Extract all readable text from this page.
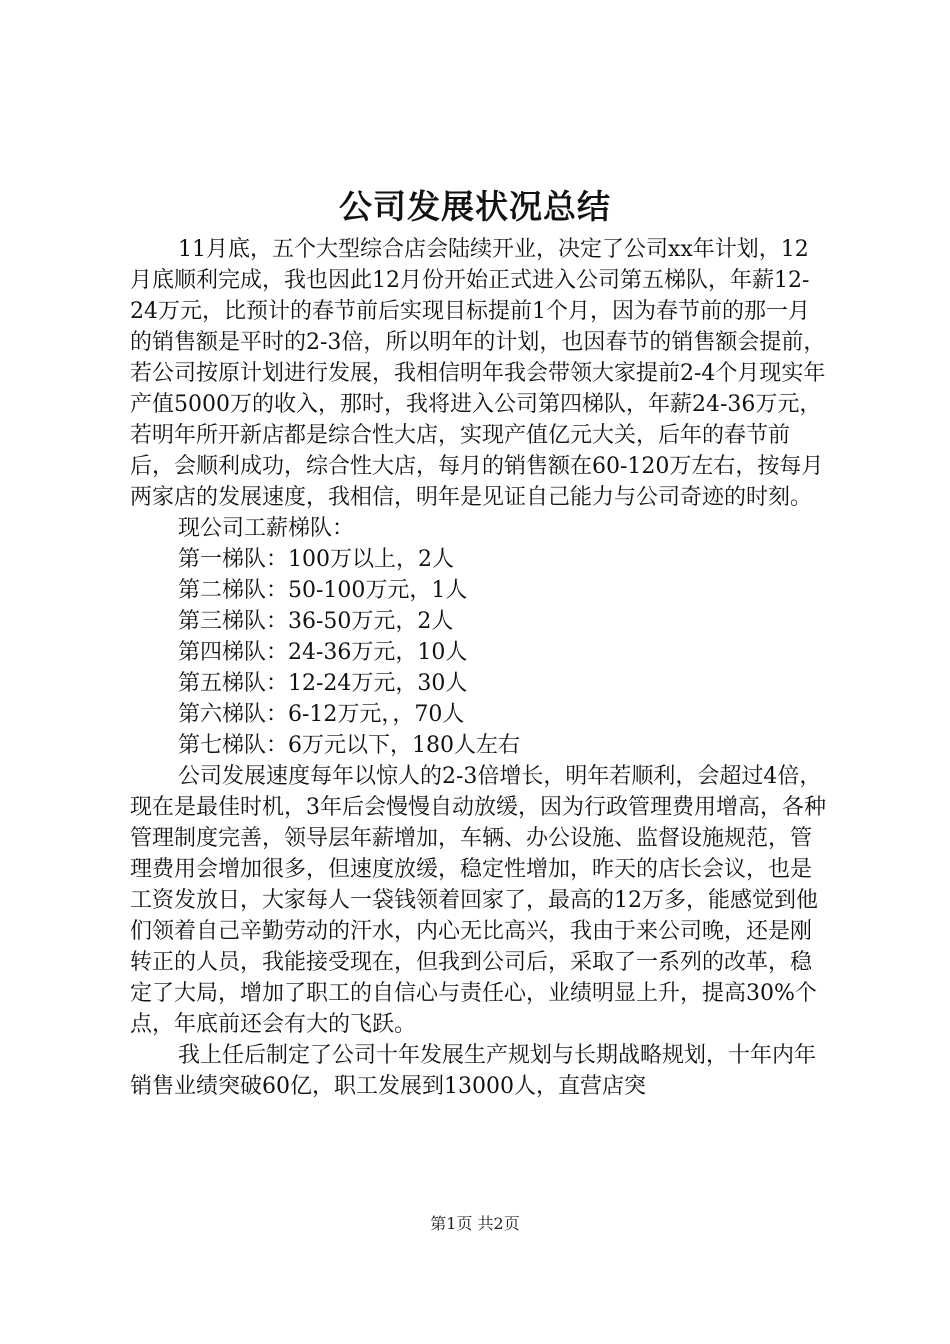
公司发展状况总结

11月底，五个大型综合店会陆续开业，决定了公司xx年计划，12月底顺利完成，我也因此12月份开始正式进入公司第五梯队，年薪12-24万元，比预计的春节前后实现目标提前1个月，因为春节前的那一月的销售额是平时的2-3倍，所以明年的计划，也因春节的销售额会提前，若公司按原计划进行发展，我相信明年我会带领大家提前2-4个月现实年产值5000万的收入，那时，我将进入公司第四梯队，年薪24-36万元，若明年所开新店都是综合性大店，实现产值亿元大关，后年的春节前后，会顺利成功，综合性大店，每月的销售额在60-120万左右，按每月两家店的发展速度，我相信，明年是见证自己能力与公司奇迹的时刻。

现公司工薪梯队：

第一梯队：100万以上，2人

第二梯队：50-100万元，1人

第三梯队：36-50万元，2人

第四梯队：24-36万元，10人

第五梯队：12-24万元，30人

第六梯队：6-12万元，，70人

第七梯队：6万元以下，180人左右

公司发展速度每年以惊人的2-3倍增长，明年若顺利，会超过4倍，现在是最佳时机，3年后会慢慢自动放缓，因为行政管理费用增高，各种管理制度完善，领导层年薪增加，车辆、办公设施、监督设施规范，管理费用会增加很多，但速度放缓，稳定性增加，昨天的店长会议，也是工资发放日，大家每人一袋钱领着回家了，最高的12万多，能感觉到他们领着自己辛勤劳动的汗水，内心无比高兴，我由于来公司晚，还是刚转正的人员，我能接受现在，但我到公司后，采取了一系列的改革，稳定了大局，增加了职工的自信心与责任心，业绩明显上升，提高30%个点，年底前还会有大的飞跃。

我上任后制定了公司十年发展生产规划与长期战略规划，十年内年销售业绩突破60亿，职工发展到13000人，直营店突

第1页 共2页
